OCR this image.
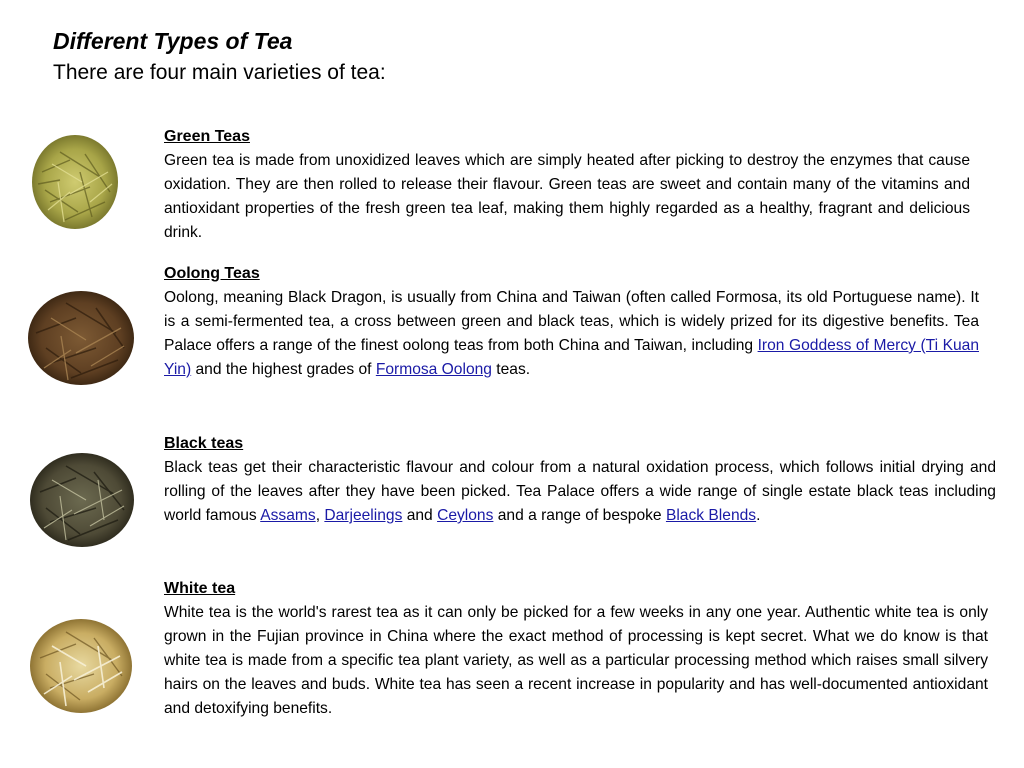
Different Types of Tea
There are four main varieties of tea:
Green Teas
Green tea is made from unoxidized leaves which are simply heated after picking to destroy the enzymes that cause oxidation. They are then rolled to release their flavour. Green teas are sweet and contain many of the vitamins and antioxidant properties of the fresh green tea leaf, making them highly regarded as a healthy, fragrant and delicious drink.
Oolong Teas
Oolong, meaning Black Dragon, is usually from China and Taiwan (often called Formosa, its old Portuguese name). It is a semi-fermented tea, a cross between green and black teas, which is widely prized for its digestive benefits. Tea Palace offers a range of the finest oolong teas from both China and Taiwan, including Iron Goddess of Mercy (Ti Kuan Yin) and the highest grades of Formosa Oolong teas.
Black teas
Black teas get their characteristic flavour and colour from a natural oxidation process, which follows initial drying and rolling of the leaves after they have been picked. Tea Palace offers a wide range of single estate black teas including world famous Assams, Darjeelings and Ceylons and a range of bespoke Black Blends.
White tea
White tea is the world's rarest tea as it can only be picked for a few weeks in any one year. Authentic white tea is only grown in the Fujian province in China where the exact method of processing is kept secret. What we do know is that white tea is made from a specific tea plant variety, as well as a particular processing method which raises small silvery hairs on the leaves and buds. White tea has seen a recent increase in popularity and has well-documented antioxidant and detoxifying benefits.
